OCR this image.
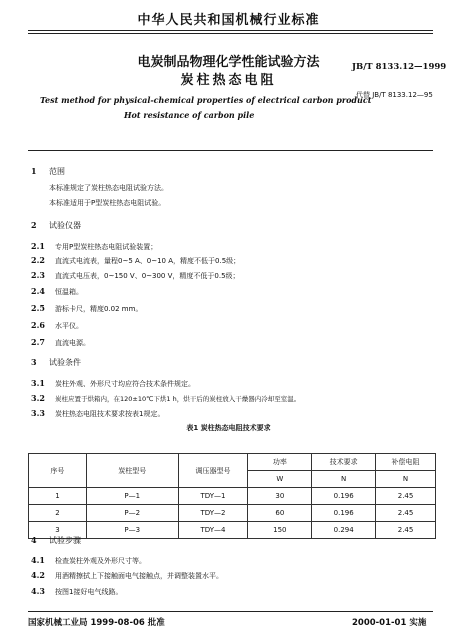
中华人民共和国机械行业标准
电炭制品物理化学性能试验方法
炭柱热态电阻
JB/T 8133.12—1999
代替 JB/T 8133.12—95
Test method for physical-chemical properties of electrical carbon product
Hot resistance of carbon pile
1 范围
本标准规定了炭柱热态电阻试验方法。
本标准适用于P型炭柱热态电阻试验。
2 试验仪器
2.1 专用P型炭柱热态电阻试验装置；
2.2 直流式电流表，量程0~5 A、0~10 A，精度不低于0.5级；
2.3 直流式电压表，0~150 V、0~300 V，精度不低于0.5级；
2.4 恒温箱。
2.5 游标卡尺，精度0.02 mm。
2.6 水平仪。
2.7 直流电源。
3 试验条件
3.1 炭柱外观、外形尺寸均应符合技术条件规定。
3.2 炭柱应置于烘箱内，在120±10℃下烘1 h，烘干后的炭柱放入干燥器内冷却至室温。
3.3 炭柱热态电阻技术要求按表1规定。
表1 炭柱热态电阻技术要求
序号	炭柱型号	调压器型号	功率	技术要求	补偿电阻
			W	N	N
1	P—1	TDY—1	30	0.196	2.45
2	P—2	TDY—2	60	0.196	2.45
3	P—3	TDY—4	150	0.294	2.45
4 试验步骤
4.1 检查炭柱外观及外形尺寸等。
4.2 用酒精擦拭上下接触面电气接触点，并调整装置水平。
4.3 按图1接好电气线路。
国家机械工业局 1999-08-06 批准	2000-01-01 实施
